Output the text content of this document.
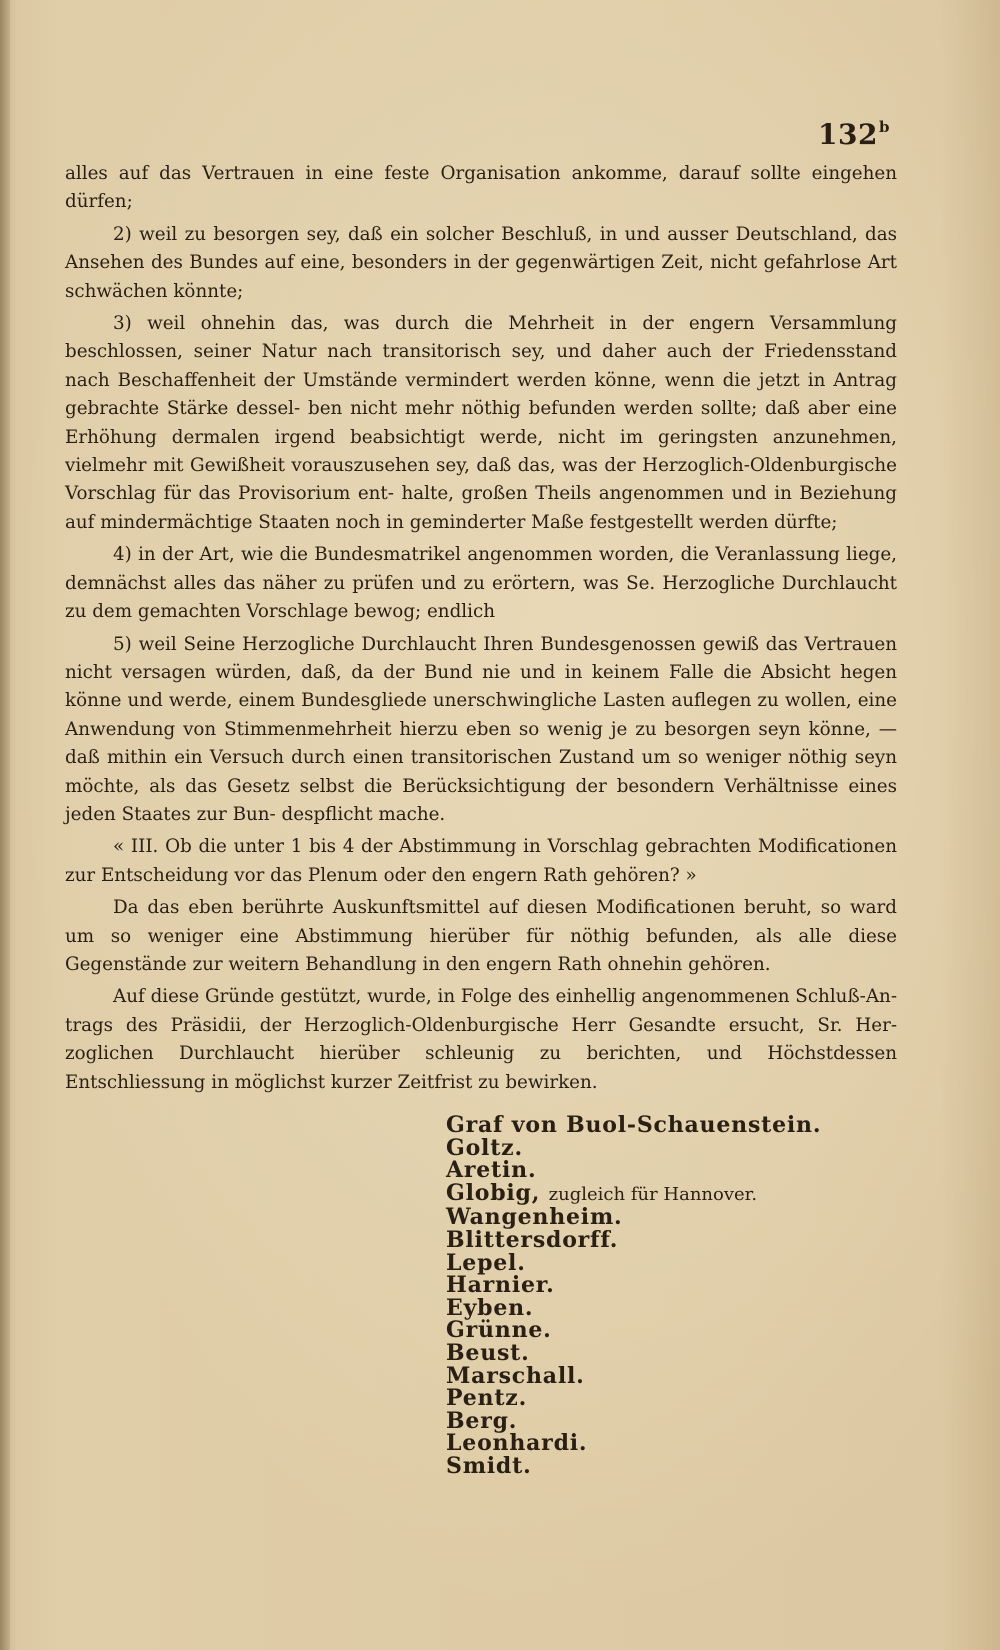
132$^b$

alles auf das Vertrauen in eine feste Organisation ankomme, darauf sollte eingehen dürfen;

2) weil zu besorgen sey, daß ein solcher Beschluß, in und ausser Deutschland, das Ansehen des Bundes auf eine, besonders in der gegenwärtigen Zeit, nicht gefahrlose Art schwächen könnte;

3) weil ohnehin das, was durch die Mehrheit in der engern Versammlung beschlossen, seiner Natur nach transitorisch sey, und daher auch der Friedensstand nach Beschaffenheit der Umstände vermindert werden könne, wenn die jetzt in Antrag gebrachte Stärke dessel- ben nicht mehr nöthig befunden werden sollte; daß aber eine Erhöhung dermalen irgend beabsichtigt werde, nicht im geringsten anzunehmen, vielmehr mit Gewißheit vorauszusehen sey, daß das, was der Herzoglich-Oldenburgische Vorschlag für das Provisorium ent- halte, großen Theils angenommen und in Beziehung auf mindermächtige Staaten noch in geminderter Maße festgestellt werden dürfte;

4) in der Art, wie die Bundesmatrikel angenommen worden, die Veranlassung liege, demnächst alles das näher zu prüfen und zu erörtern, was Se. Herzogliche Durchlaucht zu dem gemachten Vorschlage bewog; endlich

5) weil Seine Herzogliche Durchlaucht Ihren Bundesgenossen gewiß das Vertrauen nicht versagen würden, daß, da der Bund nie und in keinem Falle die Absicht hegen könne und werde, einem Bundesgliede unerschwingliche Lasten auflegen zu wollen, eine Anwendung von Stimmenmehrheit hierzu eben so wenig je zu besorgen seyn könne, — daß mithin ein Versuch durch einen transitorischen Zustand um so weniger nöthig seyn möchte, als das Gesetz selbst die Berücksichtigung der besondern Verhältnisse eines jeden Staates zur Bun- despflicht mache.

« III. Ob die unter 1 bis 4 der Abstimmung in Vorschlag gebrachten Modificationen zur Entscheidung vor das Plenum oder den engern Rath gehören? »

Da das eben berührte Auskunftsmittel auf diesen Modificationen beruht, so ward um so weniger eine Abstimmung hierüber für nöthig befunden, als alle diese Gegenstände zur weitern Behandlung in den engern Rath ohnehin gehören.

Auf diese Gründe gestützt, wurde, in Folge des einhellig angenommenen Schluß-An- trags des Präsidii, der Herzoglich-Oldenburgische Herr Gesandte ersucht, Sr. Her- zoglichen Durchlaucht hierüber schleunig zu berichten, und Höchstdessen Entschliessung in möglichst kurzer Zeitfrist zu bewirken.

Graf von Buol-Schauenstein.
Goltz.
Aretin.
Globig, zugleich für Hannover.
Wangenheim.
Blittersdorff.
Lepel.
Harnier.
Eyben.
Grünne.
Beust.
Marschall.
Pentz.
Berg.
Leonhardi.
Smidt.
